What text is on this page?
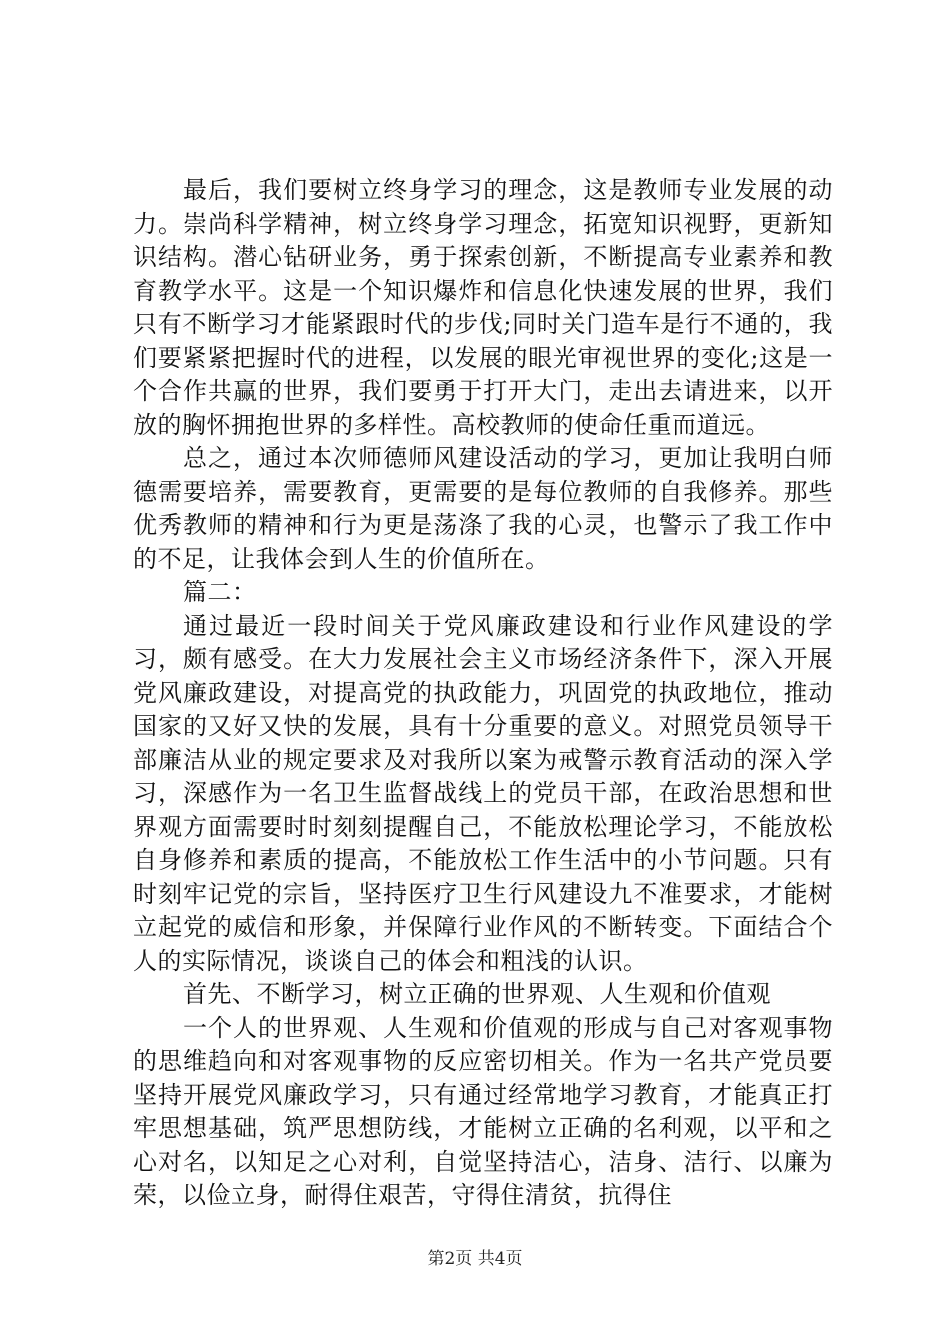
最后，我们要树立终身学习的理念，这是教师专业发展的动力。崇尚科学精神，树立终身学习理念，拓宽知识视野，更新知识结构。潜心钻研业务，勇于探索创新，不断提高专业素养和教育教学水平。这是一个知识爆炸和信息化快速发展的世界，我们只有不断学习才能紧跟时代的步伐;同时关门造车是行不通的，我们要紧紧把握时代的进程，以发展的眼光审视世界的变化;这是一个合作共赢的世界，我们要勇于打开大门，走出去请进来，以开放的胸怀拥抱世界的多样性。高校教师的使命任重而道远。

总之，通过本次师德师风建设活动的学习，更加让我明白师德需要培养，需要教育，更需要的是每位教师的自我修养。那些优秀教师的精神和行为更是荡涤了我的心灵，也警示了我工作中的不足，让我体会到人生的价值所在。

篇二：

通过最近一段时间关于党风廉政建设和行业作风建设的学习，颇有感受。在大力发展社会主义市场经济条件下，深入开展党风廉政建设，对提高党的执政能力，巩固党的执政地位，推动国家的又好又快的发展，具有十分重要的意义。对照党员领导干部廉洁从业的规定要求及对我所以案为戒警示教育活动的深入学习，深感作为一名卫生监督战线上的党员干部，在政治思想和世界观方面需要时时刻刻提醒自己，不能放松理论学习，不能放松自身修养和素质的提高，不能放松工作生活中的小节问题。只有时刻牢记党的宗旨，坚持医疗卫生行风建设九不准要求，才能树立起党的威信和形象，并保障行业作风的不断转变。下面结合个人的实际情况，谈谈自己的体会和粗浅的认识。

首先、不断学习，树立正确的世界观、人生观和价值观

一个人的世界观、人生观和价值观的形成与自己对客观事物的思维趋向和对客观事物的反应密切相关。作为一名共产党员要坚持开展党风廉政学习，只有通过经常地学习教育，才能真正打牢思想基础，筑严思想防线，才能树立正确的名利观，以平和之心对名，以知足之心对利，自觉坚持洁心，洁身、洁行、以廉为荣，以俭立身，耐得住艰苦，守得住清贫，抗得住

第2页 共4页
